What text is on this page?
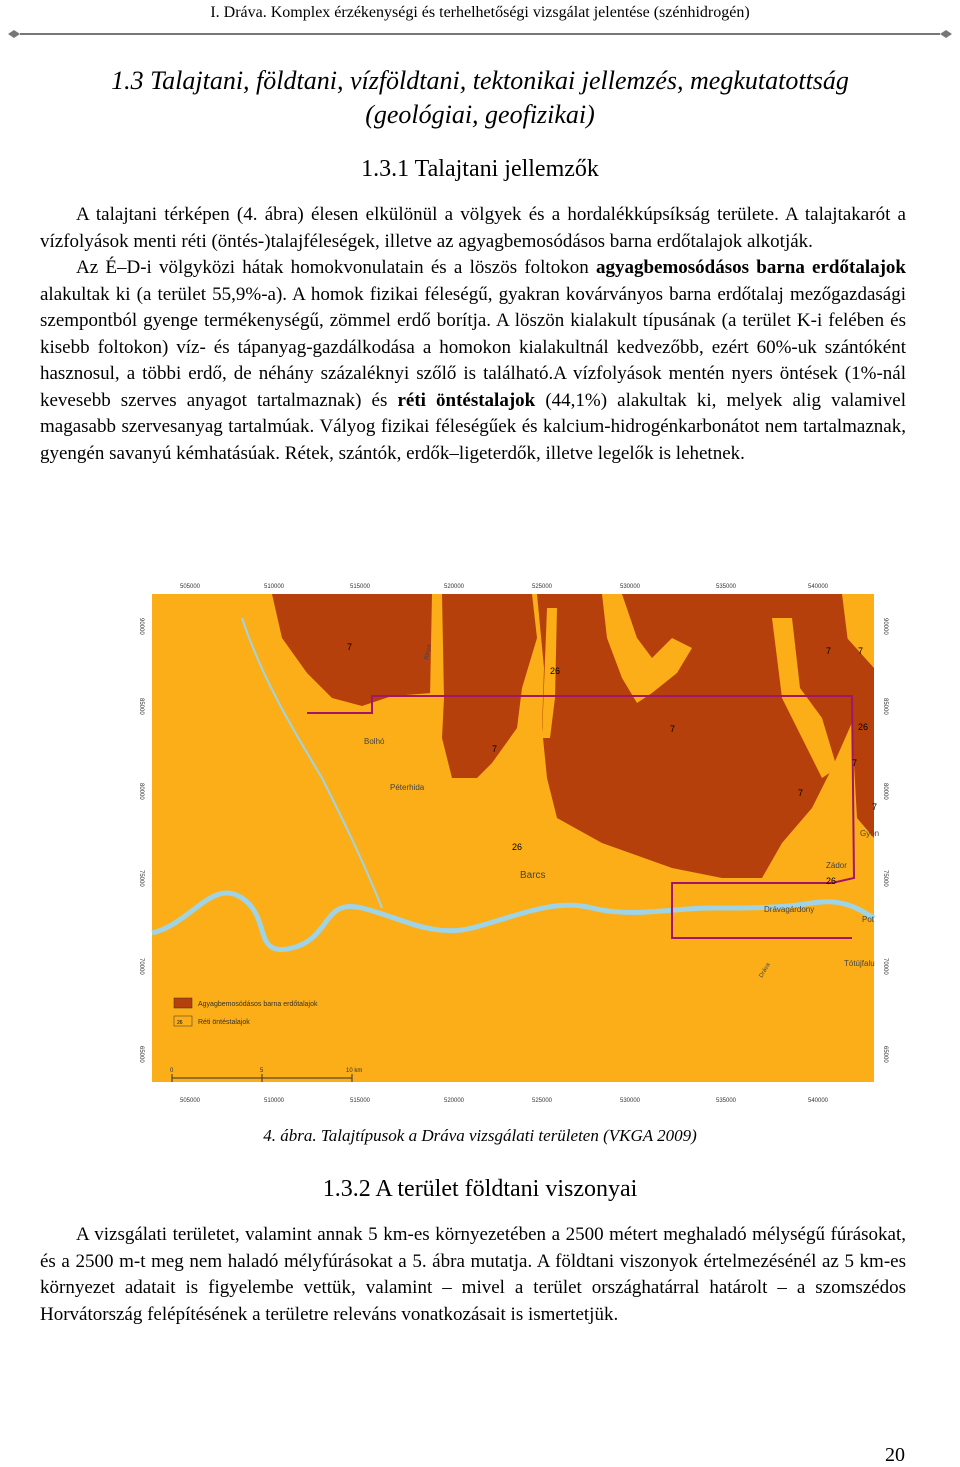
I. Dráva. Komplex érzékenységi és terhelhetőségi vizsgálat jelentése (szénhidrogén)
1.3 Talajtani, földtani, vízföldtani, tektonikai jellemzés, megkutatottság
(geológiai, geofizikai)
1.3.1 Talajtani jellemzők

A talajtani térképen (4. ábra) élesen elkülönül a völgyek és a hordalékkúpsíkság területe. A talajtakarót a vízfolyások menti réti (öntés-)talajféleségek, illetve az agyagbemosódásos barna erdőtalajok alkotják.

Az É–D-i völgyközi hátak homokvonulatain és a löszös foltokon agyagbemosódásos barna erdőtalajok alakultak ki (a terület 55,9%-a). A homok fizikai féleségű, gyakran kovárványos barna erdőtalaj mezőgazdasági szempontból gyenge termékenységű, zömmel erdő borítja. A löszön kialakult típusának (a terület K-i felében és kisebb foltokon) víz- és tápanyag-gazdálkodása a homokon kialakultnál kedvezőbb, ezért 60%-uk szántóként hasznosul, a többi erdő, de néhány százaléknyi szőlő is található.A vízfolyások mentén nyers öntések (1%-nál kevesebb szerves anyagot tartalmaznak) és réti öntéstalajok (44,1%) alakultak ki, melyek alig valamivel magasabb szervesanyag tartalmúak. Vályog fizikai féleségűek és kalcium-hidrogénkarbonátot nem tartalmaznak, gyengén savanyú kémhatásúak. Rétek, szántók, erdők–ligeterdők, illetve legelők is lehetnek.

505000	510000	515000	520000	525000	530000	535000	540000
505000	510000	515000	520000	525000	530000	535000	540000
90000
85000
80000
75000
70000
65000
90000
85000
80000
75000
70000
65000
Bolhó
Péterhida
Barcs
Drávagárdony
Tótújfalu
Pot
Gyön
Zádor
Rinya
Dráva
7
7
7
7	7
7
7
26
26
26
26
7
26
Agyagbemosódásos barna erdőtalajok
Réti öntéstalajok
0	5	10 km
4. ábra. Talajtípusok a Dráva vizsgálati területen (VKGA 2009)
1.3.2 A terület földtani viszonyai

A vizsgálati területet, valamint annak 5 km-es környezetében a 2500 métert meghaladó mélységű fúrásokat, és a 2500 m-t meg nem haladó mélyfúrásokat a 5. ábra mutatja. A földtani viszonyok értelmezésénél az 5 km-es környezet adatait is figyelembe vettük, valamint – mivel a terület országhatárral határolt – a szomszédos Horvátország felépítésének a területre releváns vonatkozásait is ismertetjük.

20
